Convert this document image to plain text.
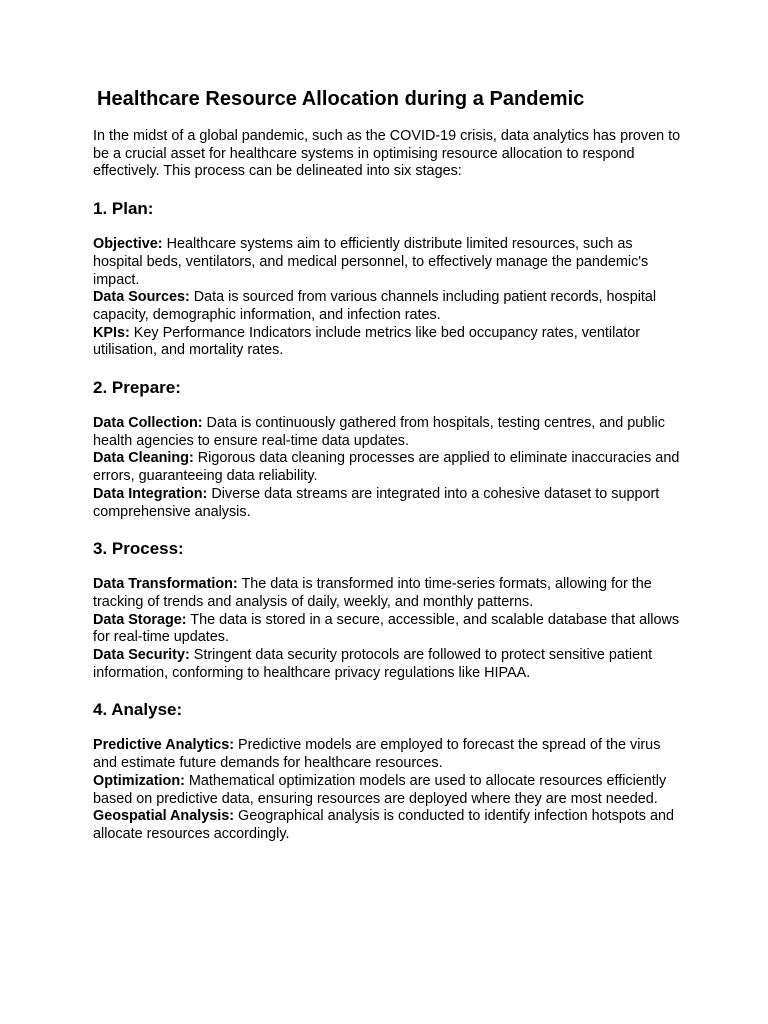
Healthcare Resource Allocation during a Pandemic

In the midst of a global pandemic, such as the COVID-19 crisis, data analytics has proven to be a crucial asset for healthcare systems in optimising resource allocation to respond effectively. This process can be delineated into six stages:

1. Plan:

Objective: Healthcare systems aim to efficiently distribute limited resources, such as hospital beds, ventilators, and medical personnel, to effectively manage the pandemic's impact.

Data Sources: Data is sourced from various channels including patient records, hospital capacity, demographic information, and infection rates.

KPIs: Key Performance Indicators include metrics like bed occupancy rates, ventilator utilisation, and mortality rates.

2. Prepare:

Data Collection: Data is continuously gathered from hospitals, testing centres, and public health agencies to ensure real-time data updates.

Data Cleaning: Rigorous data cleaning processes are applied to eliminate inaccuracies and errors, guaranteeing data reliability.

Data Integration: Diverse data streams are integrated into a cohesive dataset to support comprehensive analysis.

3. Process:

Data Transformation: The data is transformed into time-series formats, allowing for the tracking of trends and analysis of daily, weekly, and monthly patterns.

Data Storage: The data is stored in a secure, accessible, and scalable database that allows for real-time updates.

Data Security: Stringent data security protocols are followed to protect sensitive patient information, conforming to healthcare privacy regulations like HIPAA.

4. Analyse:

Predictive Analytics: Predictive models are employed to forecast the spread of the virus and estimate future demands for healthcare resources.

Optimization: Mathematical optimization models are used to allocate resources efficiently based on predictive data, ensuring resources are deployed where they are most needed.

Geospatial Analysis: Geographical analysis is conducted to identify infection hotspots and allocate resources accordingly.
